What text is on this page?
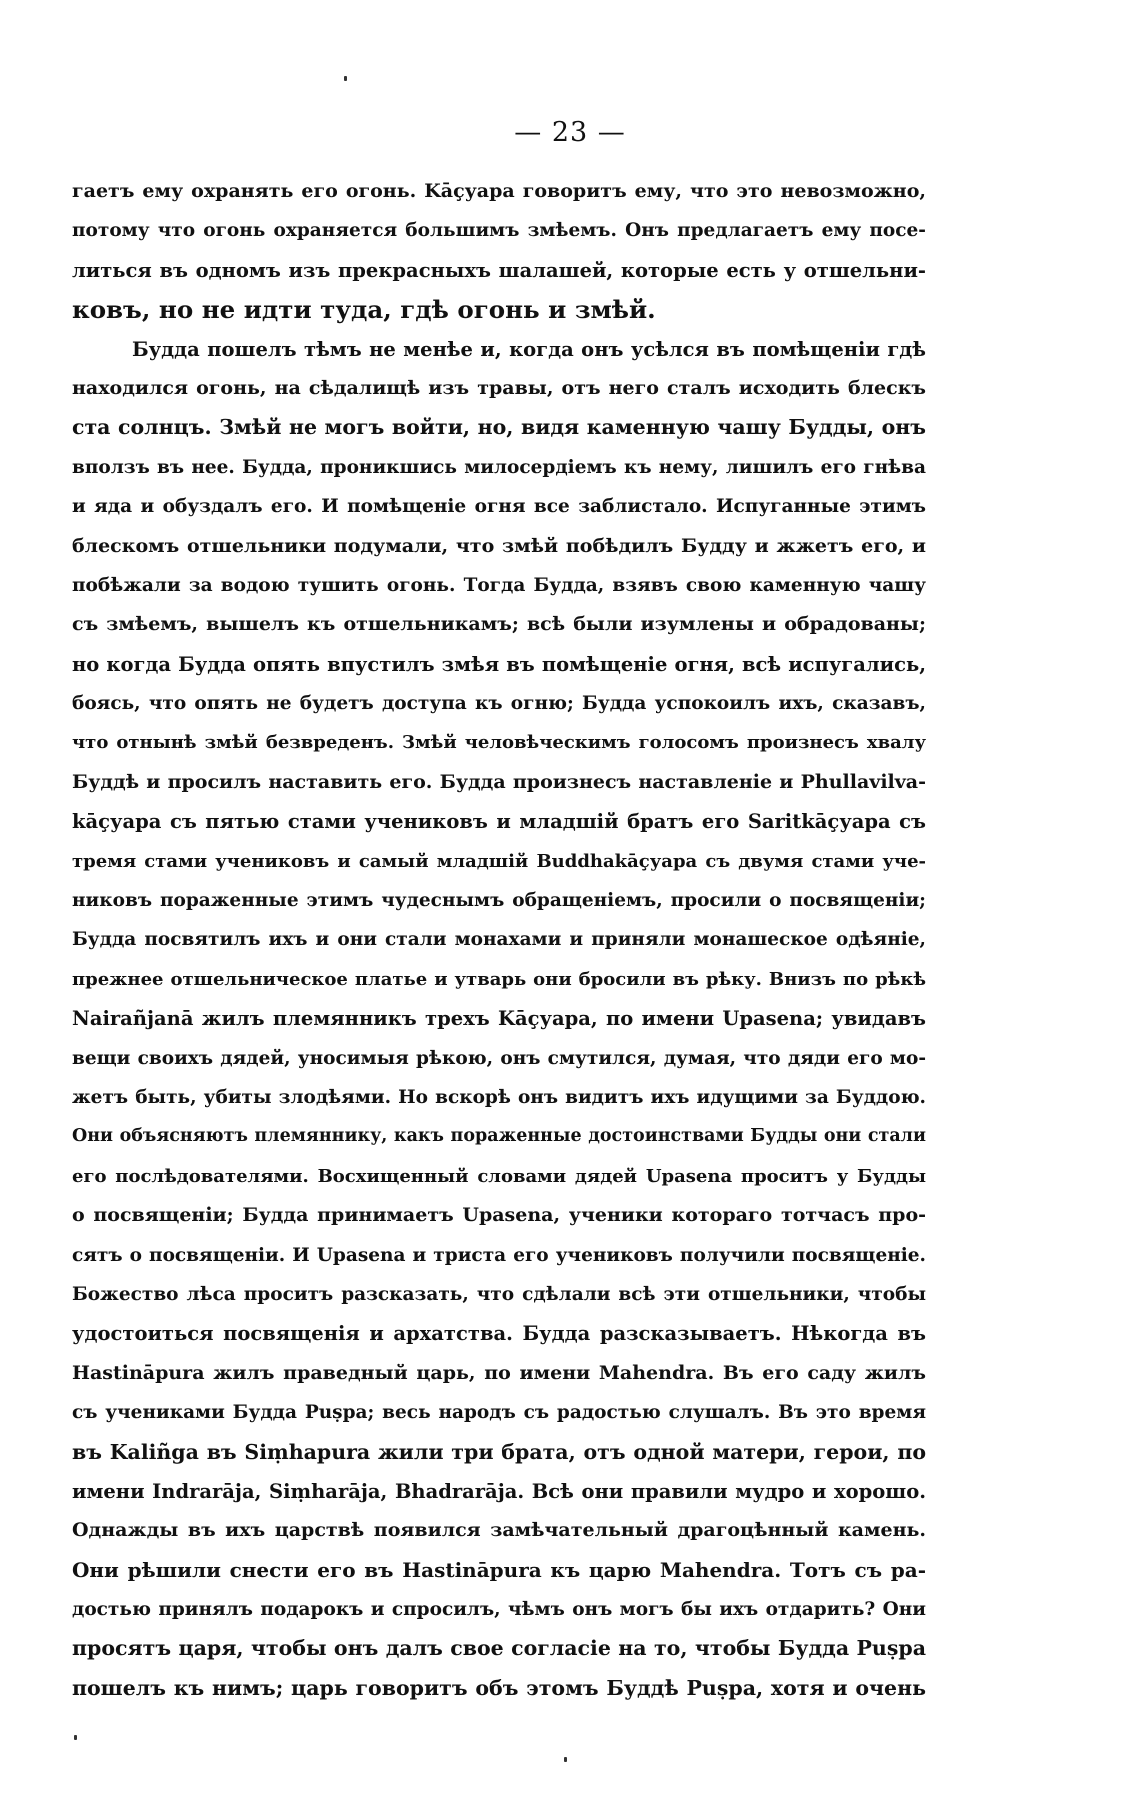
— 23 —
гаетъ ему охранять его огонь. Kāçуара говоритъ ему, что это невозможно,
потому что огонь охраняется большимъ змѣемъ. Онъ предлагаетъ ему посе-
литься въ одномъ изъ прекрасныхъ шалашей, которые есть у отшельни-
ковъ, но не идти туда, гдѣ огонь и змѣй.
Будда пошелъ тѣмъ не менѣе и, когда онъ усѣлся въ помѣщеніи гдѣ
находился огонь, на сѣдалищѣ изъ травы, отъ него сталъ исходить блескъ
ста солнцъ. Змѣй не могъ войти, но, видя каменную чашу Будды, онъ
вползъ въ нее. Будда, проникшись милосердіемъ къ нему, лишилъ его гнѣва
и яда и обуздалъ его. И помѣщеніе огня все заблистало. Испуганные этимъ
блескомъ отшельники подумали, что змѣй побѣдилъ Будду и жжетъ его, и
побѣжали за водою тушить огонь. Тогда Будда, взявъ свою каменную чашу
съ змѣемъ, вышелъ къ отшельникамъ; всѣ были изумлены и обрадованы;
но когда Будда опять впустилъ змѣя въ помѣщеніе огня, всѣ испугались,
боясь, что опять не будетъ доступа къ огню; Будда успокоилъ ихъ, сказавъ,
что отнынѣ змѣй безвреденъ. Змѣй человѣческимъ голосомъ произнесъ хвалу
Буддѣ и просилъ наставить его. Будда произнесъ наставленіе и Phullavilva-
kāçуара съ пятью стами учениковъ и младшій братъ его Saritkāçуара съ
тремя стами учениковъ и самый младшій Buddhakāçуара съ двумя стами уче-
никовъ пораженные этимъ чудеснымъ обращеніемъ, просили о посвященіи;
Будда посвятилъ ихъ и они стали монахами и приняли монашеское одѣяніе,
прежнее отшельническое платье и утварь они бросили въ рѣку. Внизъ по рѣкѣ
Nairañjanā жилъ племянникъ трехъ Kāçуара, по имени Upasena; увидавъ
вещи своихъ дядей, уносимыя рѣкою, онъ смутился, думая, что дяди его мо-
жетъ быть, убиты злодѣями. Но вскорѣ онъ видитъ ихъ идущими за Буддою.
Они объясняютъ племяннику, какъ пораженные достоинствами Будды они стали
его послѣдователями. Восхищенный словами дядей Upasena проситъ у Будды
о посвященіи; Будда принимаетъ Upasena, ученики котораго тотчасъ про-
сятъ о посвященіи. И Upasena и триста его учениковъ получили посвященіе.
Божество лѣса проситъ разсказать, что сдѣлали всѣ эти отшельники, чтобы
удостоиться посвященія и архатства. Будда разсказываетъ. Нѣкогда въ
Hastināpura жилъ праведный царь, по имени Mahendra. Въ его саду жилъ
съ учениками Будда Puṣpa; весь народъ съ радостью слушалъ. Въ это время
въ Kaliñga въ Siṃhapura жили три брата, отъ одной матери, герои, по
имени Indrarāja, Siṃharāja, Bhadrarāja. Всѣ они правили мудро и хорошо.
Однажды въ ихъ царствѣ появился замѣчательный драгоцѣнный камень.
Они рѣшили снести его въ Hastināpura къ царю Mahendra. Тотъ съ ра-
достью принялъ подарокъ и спросилъ, чѣмъ онъ могъ бы ихъ отдарить? Они
просятъ царя, чтобы онъ далъ свое согласіе на то, чтобы Будда Puṣpa
пошелъ къ нимъ; царь говоритъ объ этомъ Буддѣ Puṣpa, хотя и очень
